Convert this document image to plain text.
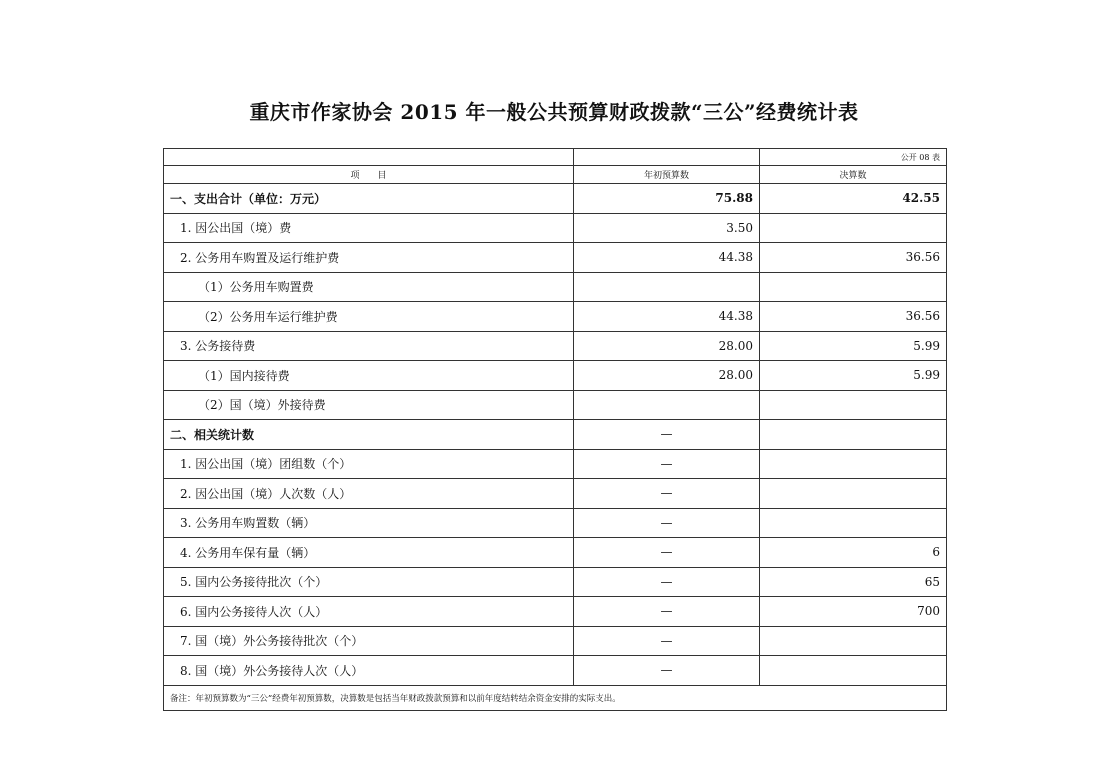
重庆市作家协会 2015 年一般公共预算财政拨款“三公”经费统计表
		公开 08 表
项　　目	年初预算数	决算数
一、支出合计（单位：万元）	75.88	42.55
1. 因公出国（境）费	3.50	
2. 公务用车购置及运行维护费	44.38	36.56
（1）公务用车购置费		
（2）公务用车运行维护费	44.38	36.56
3. 公务接待费	28.00	5.99
（1）国内接待费	28.00	5.99
（2）国（境）外接待费		
二、相关统计数	—	
1. 因公出国（境）团组数（个）	—	
2. 因公出国（境）人次数（人）	—	
3. 公务用车购置数（辆）	—	
4. 公务用车保有量（辆）	—	6
5. 国内公务接待批次（个）	—	65
6. 国内公务接待人次（人）	—	700
7. 国（境）外公务接待批次（个）	—	
8. 国（境）外公务接待人次（人）	—	
备注：年初预算数为“三公”经费年初预算数，决算数是包括当年财政拨款预算和以前年度结转结余资金安排的实际支出。		
